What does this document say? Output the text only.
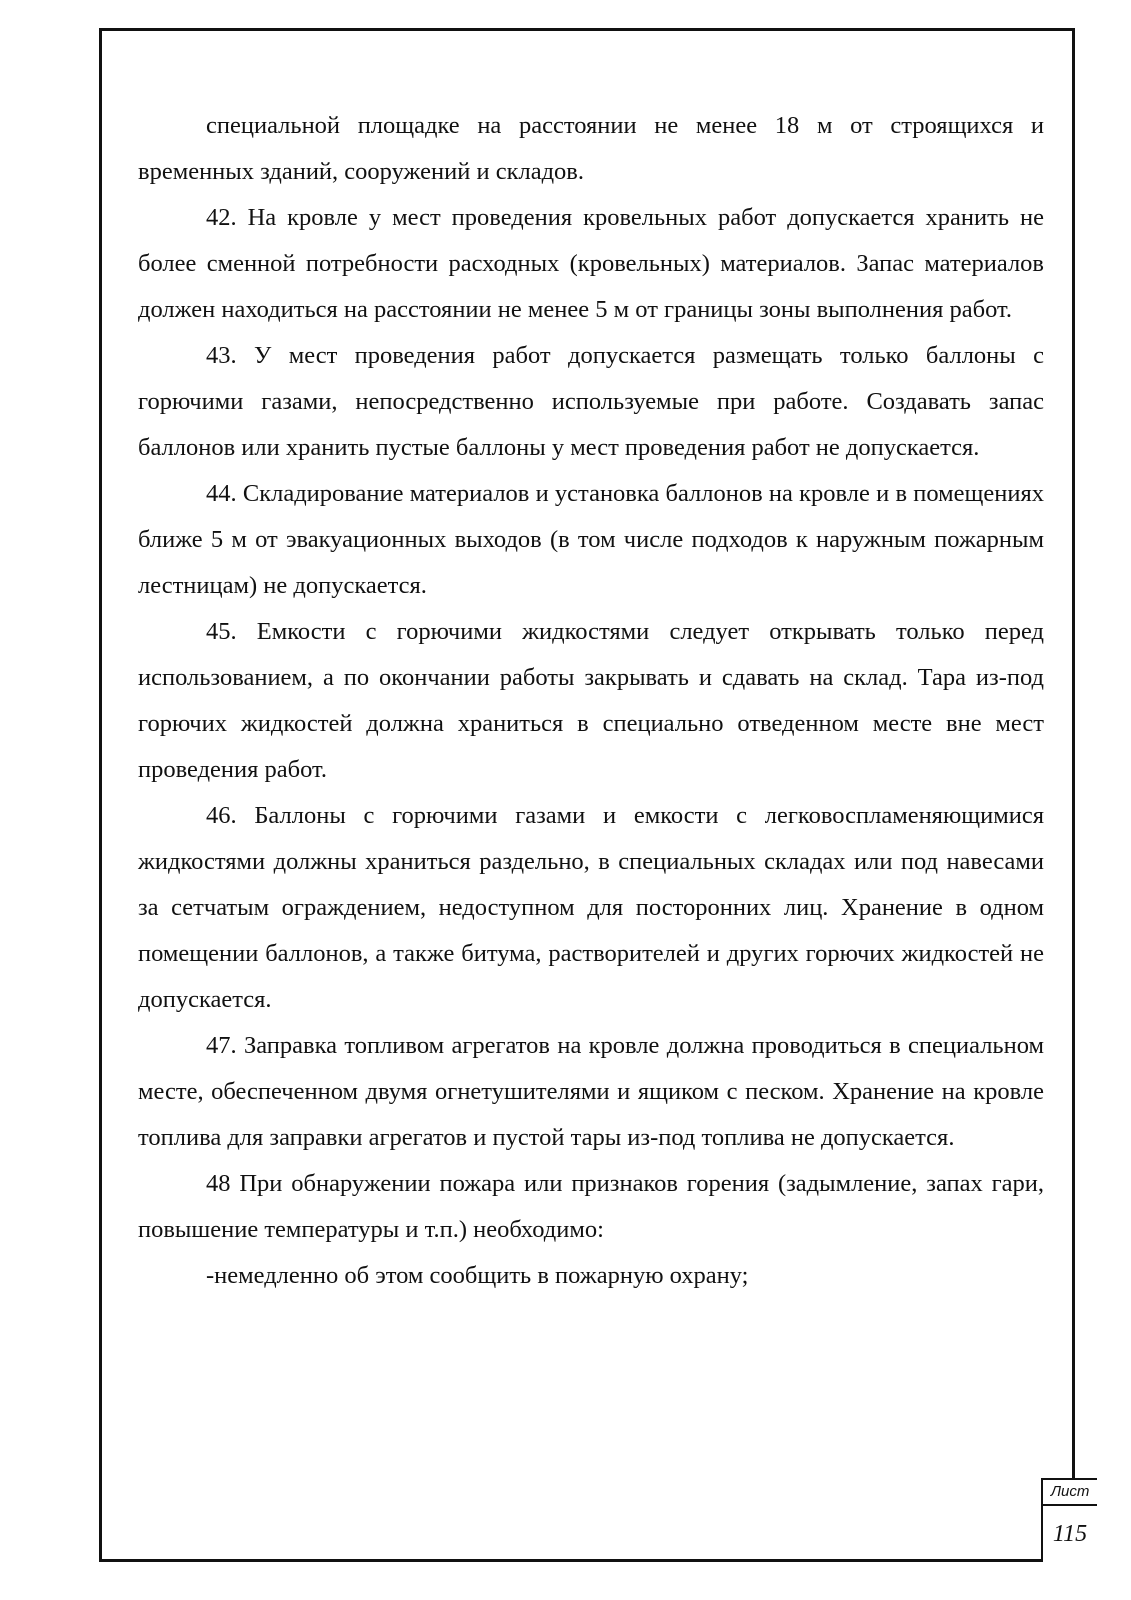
специальной площадке на расстоянии не менее 18 м от строящихся и временных зданий, сооружений и складов.

42. На кровле у мест проведения кровельных работ допускается хранить не более сменной потребности расходных (кровельных) материалов. Запас материалов должен находиться на расстоянии не менее 5 м от границы зоны выполнения работ.

43. У мест проведения работ допускается размещать только баллоны с горючими газами, непосредственно используемые при работе. Создавать запас баллонов или хранить пустые баллоны у мест проведения работ не допускается.

44. Складирование материалов и установка баллонов на кровле и в помещениях ближе 5 м от эвакуационных выходов (в том числе подходов к наружным пожарным лестницам) не допускается.

45. Емкости с горючими жидкостями следует открывать только перед использованием, а по окончании работы закрывать и сдавать на склад. Тара из-под горючих жидкостей должна храниться в специально отведенном месте вне мест проведения работ.

46. Баллоны с горючими газами и емкости с легковоспламеняющимися жидкостями должны храниться раздельно, в специальных складах или под навесами за сетчатым ограждением, недоступном для посторонних лиц. Хранение в одном помещении баллонов, а также битума, растворителей и других горючих жидкостей не допускается.

47. Заправка топливом агрегатов на кровле должна проводиться в специальном месте, обеспеченном двумя огнетушителями и ящиком с песком. Хранение на кровле топлива для заправки агрегатов и пустой тары из-под топлива не допускается.

48 При обнаружении пожара или признаков горения (задымление, запах гари, повышение температуры и т.п.) необходимо:

-немедленно об этом сообщить в пожарную охрану;

Лист
115
